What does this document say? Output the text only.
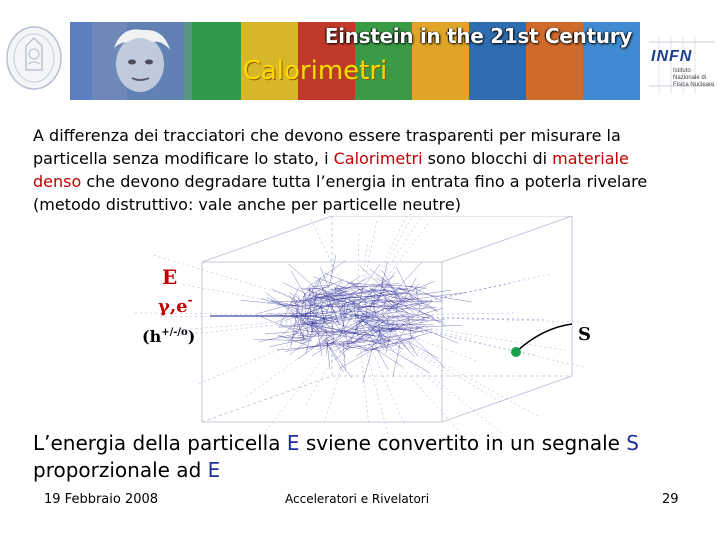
Einstein in the 21st Century
Calorimetri	INFN
Istituto Nazionale di Fisica Nucleare
A differenza dei tracciatori che devono essere trasparenti per misurare la particella senza modificare lo stato, i Calorimetri sono blocchi di materiale denso che devono degradare tutta l’energia in entrata fino a poterla rivelare (metodo distruttivo: vale anche per particelle neutre)
E
γ,e-
$(h^{+/-/o})$	S
L’energia della particella E sviene convertito in un segnale S proporzionale ad E
19 Febbraio 2008	Acceleratori e Rivelatori	29
